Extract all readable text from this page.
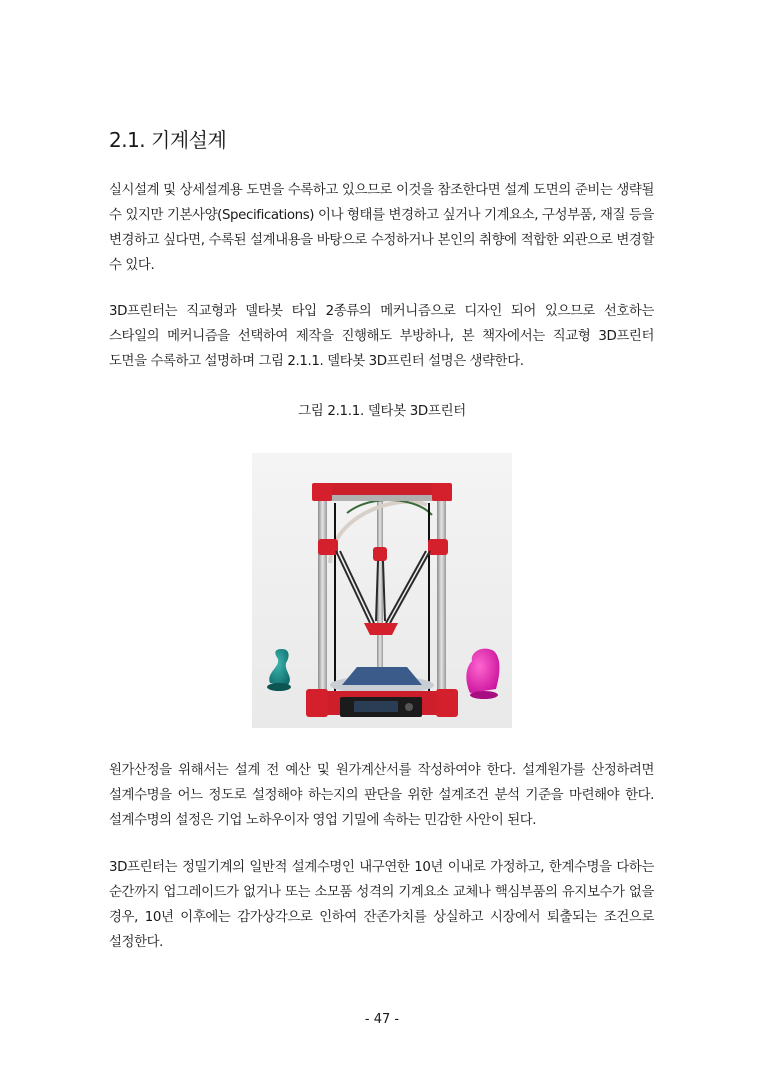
2.1. 기계설계

실시설계 및 상세설계용 도면을 수록하고 있으므로 이것을 참조한다면 설계 도면의 준비는 생략될 수 있지만 기본사양(Specifications) 이나 형태를 변경하고 싶거나 기계요소, 구성부품, 재질 등을 변경하고 싶다면, 수록된 설계내용을 바탕으로 수정하거나 본인의 취향에 적합한 외관으로 변경할 수 있다.

3D프린터는 직교형과 델타봇 타입 2종류의 메커니즘으로 디자인 되어 있으므로 선호하는 스타일의 메커니즘을 선택하여 제작을 진행해도 부방하나, 본 책자에서는 직교형 3D프린터 도면을 수록하고 설명하며 그림 2.1.1. 델타봇 3D프린터 설명은 생략한다.

그림 2.1.1. 델타봇 3D프린터

원가산정을 위해서는 설계 전 예산 및 원가계산서를 작성하여야 한다. 설계원가를 산정하려면 설계수명을 어느 정도로 설정해야 하는지의 판단을 위한 설계조건 분석 기준을 마련해야 한다. 설계수명의 설정은 기업 노하우이자 영업 기밀에 속하는 민감한 사안이 된다.

3D프린터는 정밀기계의 일반적 설계수명인 내구연한 10년 이내로 가정하고, 한계수명을 다하는 순간까지 업그레이드가 없거나 또는 소모품 성격의 기계요소 교체나 핵심부품의 유지보수가 없을 경우, 10년 이후에는 감가상각으로 인하여 잔존가치를 상실하고 시장에서 퇴출되는 조건으로 설정한다.

- 47 -
